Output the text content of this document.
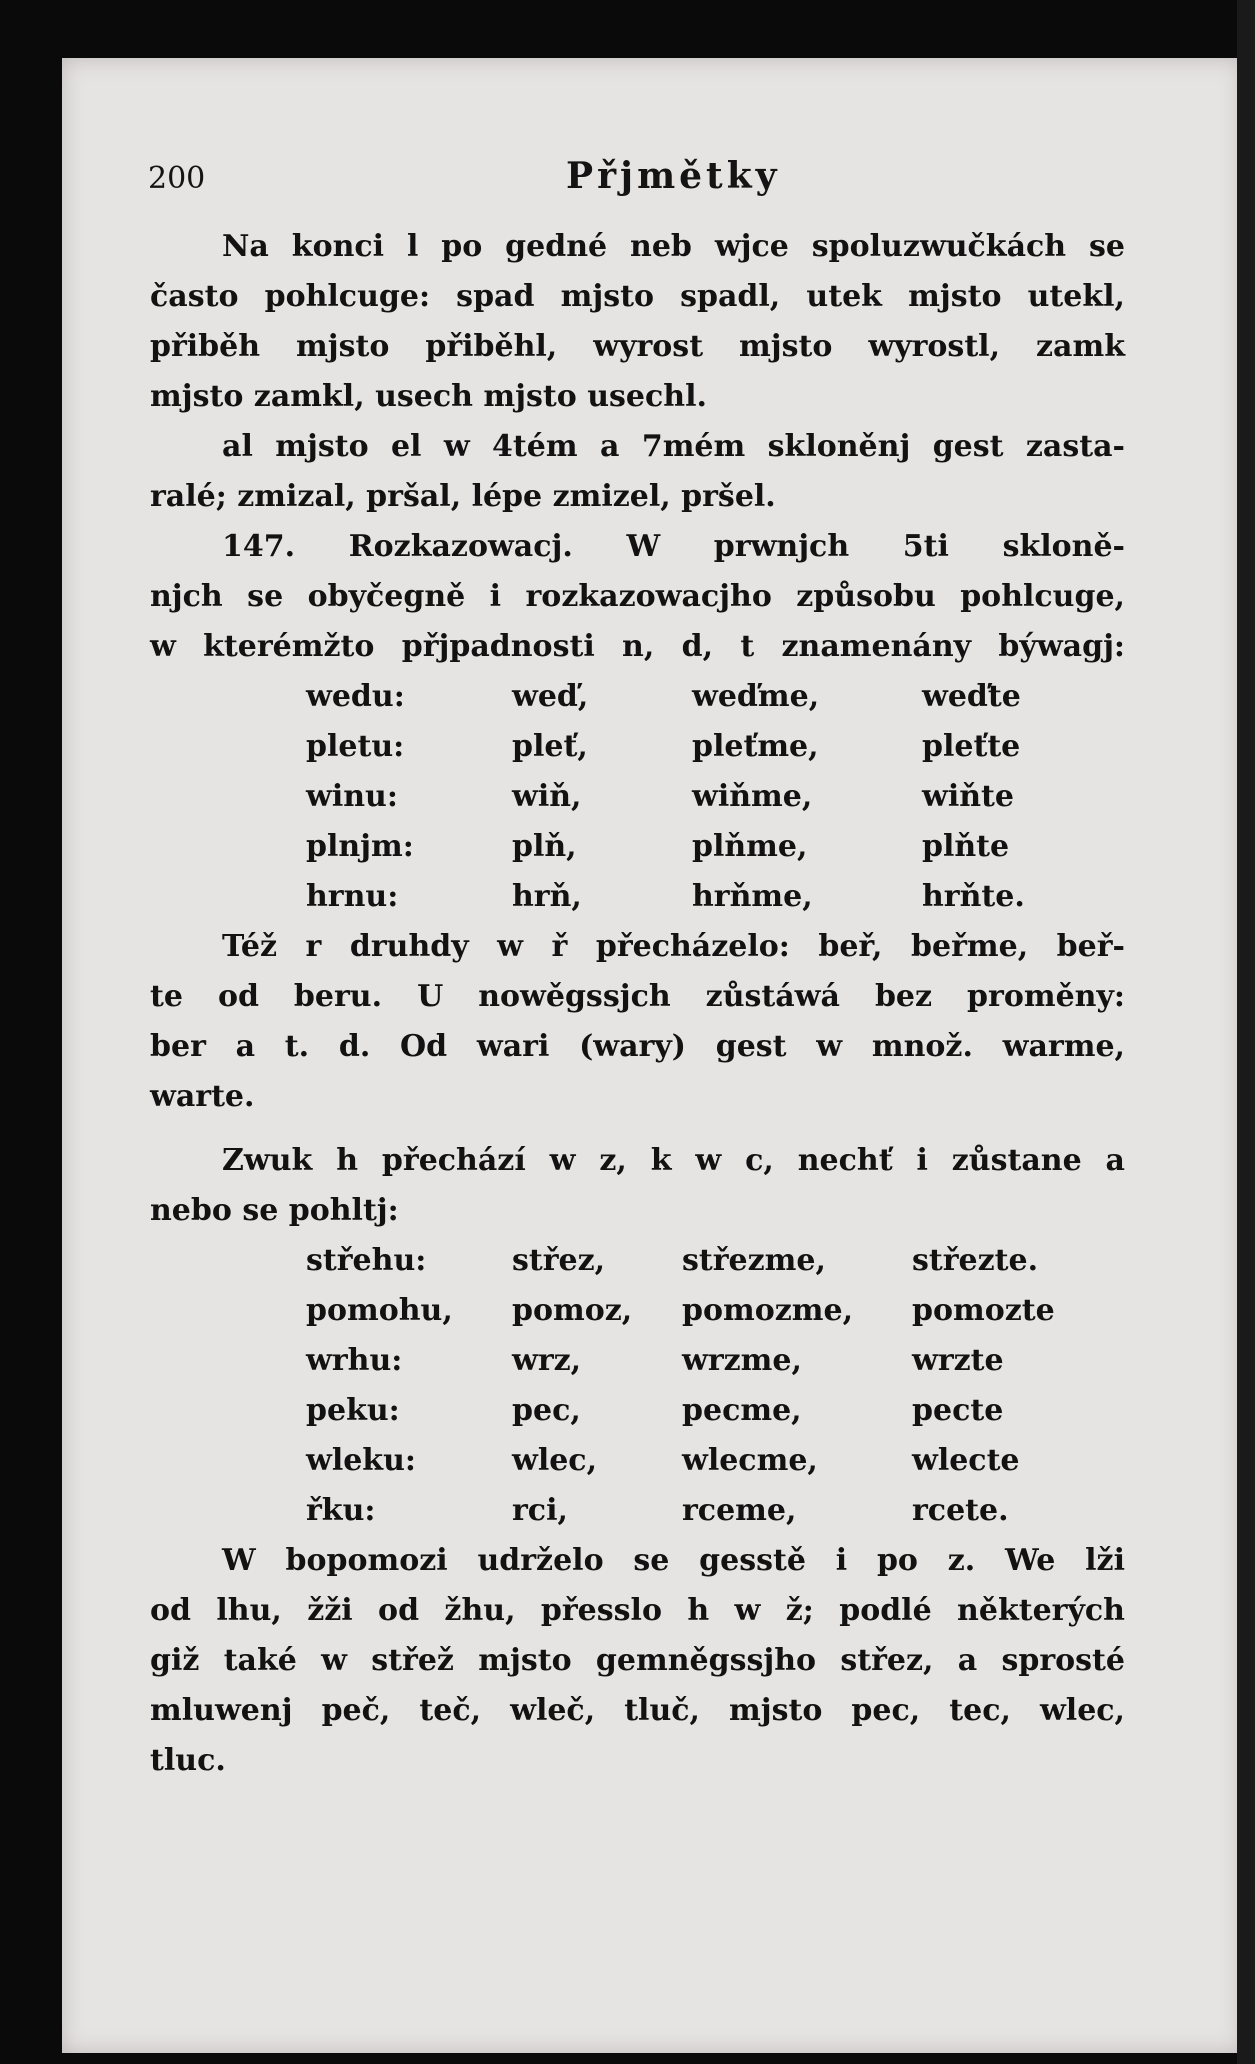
200	Přjmětky
Na konci l po gedné neb wjce spoluzwučkách se
často pohlcuge: spad mjsto spadl, utek mjsto utekl,
přiběh mjsto přiběhl, wyrost mjsto wyrostl, zamk
mjsto zamkl, usech mjsto usechl.
al mjsto el w 4tém a 7mém skloněnj gest zasta-
ralé; zmizal, pršal, lépe zmizel, pršel.
147. Rozkazowacj. W prwnjch 5ti skloně-
njch se obyčegně i rozkazowacjho způsobu pohlcuge,
w kterémžto přjpadnosti n, d, t znamenány býwagj:
wedu:	weď,	weďme,	weďte
pletu:	pleť,	pleťme,	pleťte
winu:	wiň,	wiňme,	wiňte
plnjm:	plň,	plňme,	plňte
hrnu:	hrň,	hrňme,	hrňte.
Též r druhdy w ř přecházelo: beř, beřme, beř-
te od beru. U nowěgssjch zůstáwá bez proměny:
ber a t. d. Od wari (wary) gest w množ. warme,
warte.
Zwuk h přechází w z, k w c, nechť i zůstane a
nebo se pohltj:
střehu:	střez,	střezme,	střezte.
pomohu,	pomoz,	pomozme,	pomozte
wrhu:	wrz,	wrzme,	wrzte
peku:	pec,	pecme,	pecte
wleku:	wlec,	wlecme,	wlecte
řku:	rci,	rceme,	rcete.
W bopomozi udrželo se gesstě i po z. We lži
od lhu, žži od žhu, přesslo h w ž; podlé některých
giž také w střež mjsto gemněgssjho střez, a sprosté
mluwenj peč, teč, wleč, tluč, mjsto pec, tec, wlec,
tluc.
